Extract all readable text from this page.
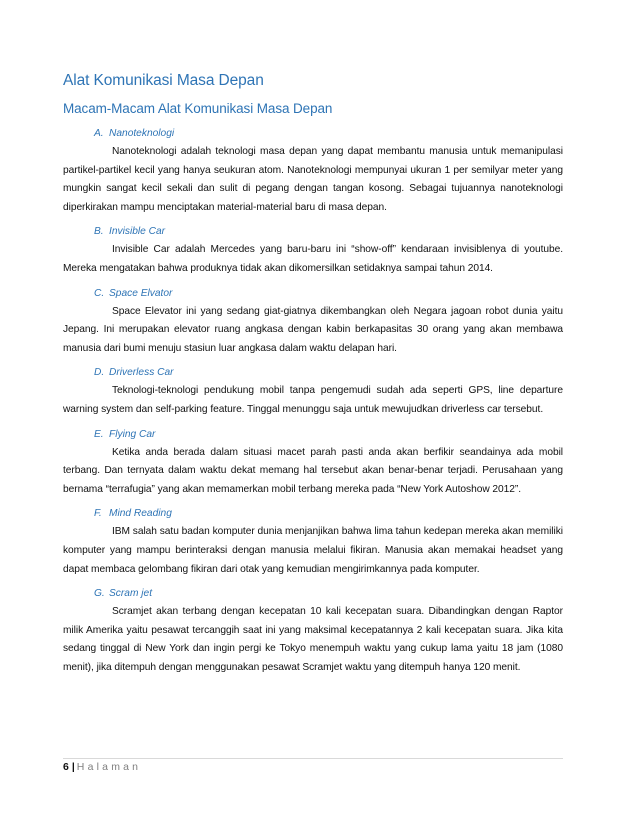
Alat Komunikasi Masa Depan
Macam-Macam Alat Komunikasi Masa Depan

A. Nanoteknologi

Nanoteknologi adalah teknologi masa depan yang dapat membantu manusia untuk memanipulasi partikel-partikel kecil yang hanya seukuran atom. Nanoteknologi mempunyai ukuran 1 per semilyar meter yang mungkin sangat kecil sekali dan sulit di pegang dengan tangan kosong. Sebagai tujuannya nanoteknologi diperkirakan mampu menciptakan material-material baru di masa depan.

B. Invisible Car

Invisible Car adalah Mercedes yang baru-baru ini “show-off” kendaraan invisiblenya di youtube. Mereka mengatakan bahwa produknya tidak akan dikomersilkan setidaknya sampai tahun 2014.

C. Space Elvator

Space Elevator ini yang sedang giat-giatnya dikembangkan oleh Negara jagoan robot dunia yaitu Jepang. Ini merupakan elevator ruang angkasa dengan kabin berkapasitas 30 orang yang akan membawa manusia dari bumi menuju stasiun luar angkasa dalam waktu delapan hari.

D. Driverless Car

Teknologi-teknologi pendukung mobil tanpa pengemudi sudah ada seperti GPS, line departure warning system dan self-parking feature. Tinggal menunggu saja untuk mewujudkan driverless car tersebut.

E. Flying Car

Ketika anda berada dalam situasi macet parah pasti anda akan berfikir seandainya ada mobil terbang. Dan ternyata dalam waktu dekat memang hal tersebut akan benar-benar terjadi. Perusahaan yang bernama “terrafugia” yang akan memamerkan mobil terbang mereka pada “New York Autoshow 2012”.

F. Mind Reading

IBM salah satu badan komputer dunia menjanjikan bahwa lima tahun kedepan mereka akan memiliki komputer yang mampu berinteraksi dengan manusia melalui fikiran. Manusia akan memakai headset yang dapat membaca gelombang fikiran dari otak yang kemudian mengirimkannya pada komputer.

G. Scram jet

Scramjet akan terbang dengan kecepatan 10 kali kecepatan suara. Dibandingkan dengan Raptor milik Amerika yaitu pesawat tercanggih saat ini yang maksimal kecepatannya 2 kali kecepatan suara. Jika kita sedang tinggal di New York dan ingin pergi ke Tokyo menempuh waktu yang cukup lama yaitu 18 jam (1080 menit), jika ditempuh dengan menggunakan pesawat Scramjet waktu yang ditempuh hanya 120 menit.

6 | Halaman
